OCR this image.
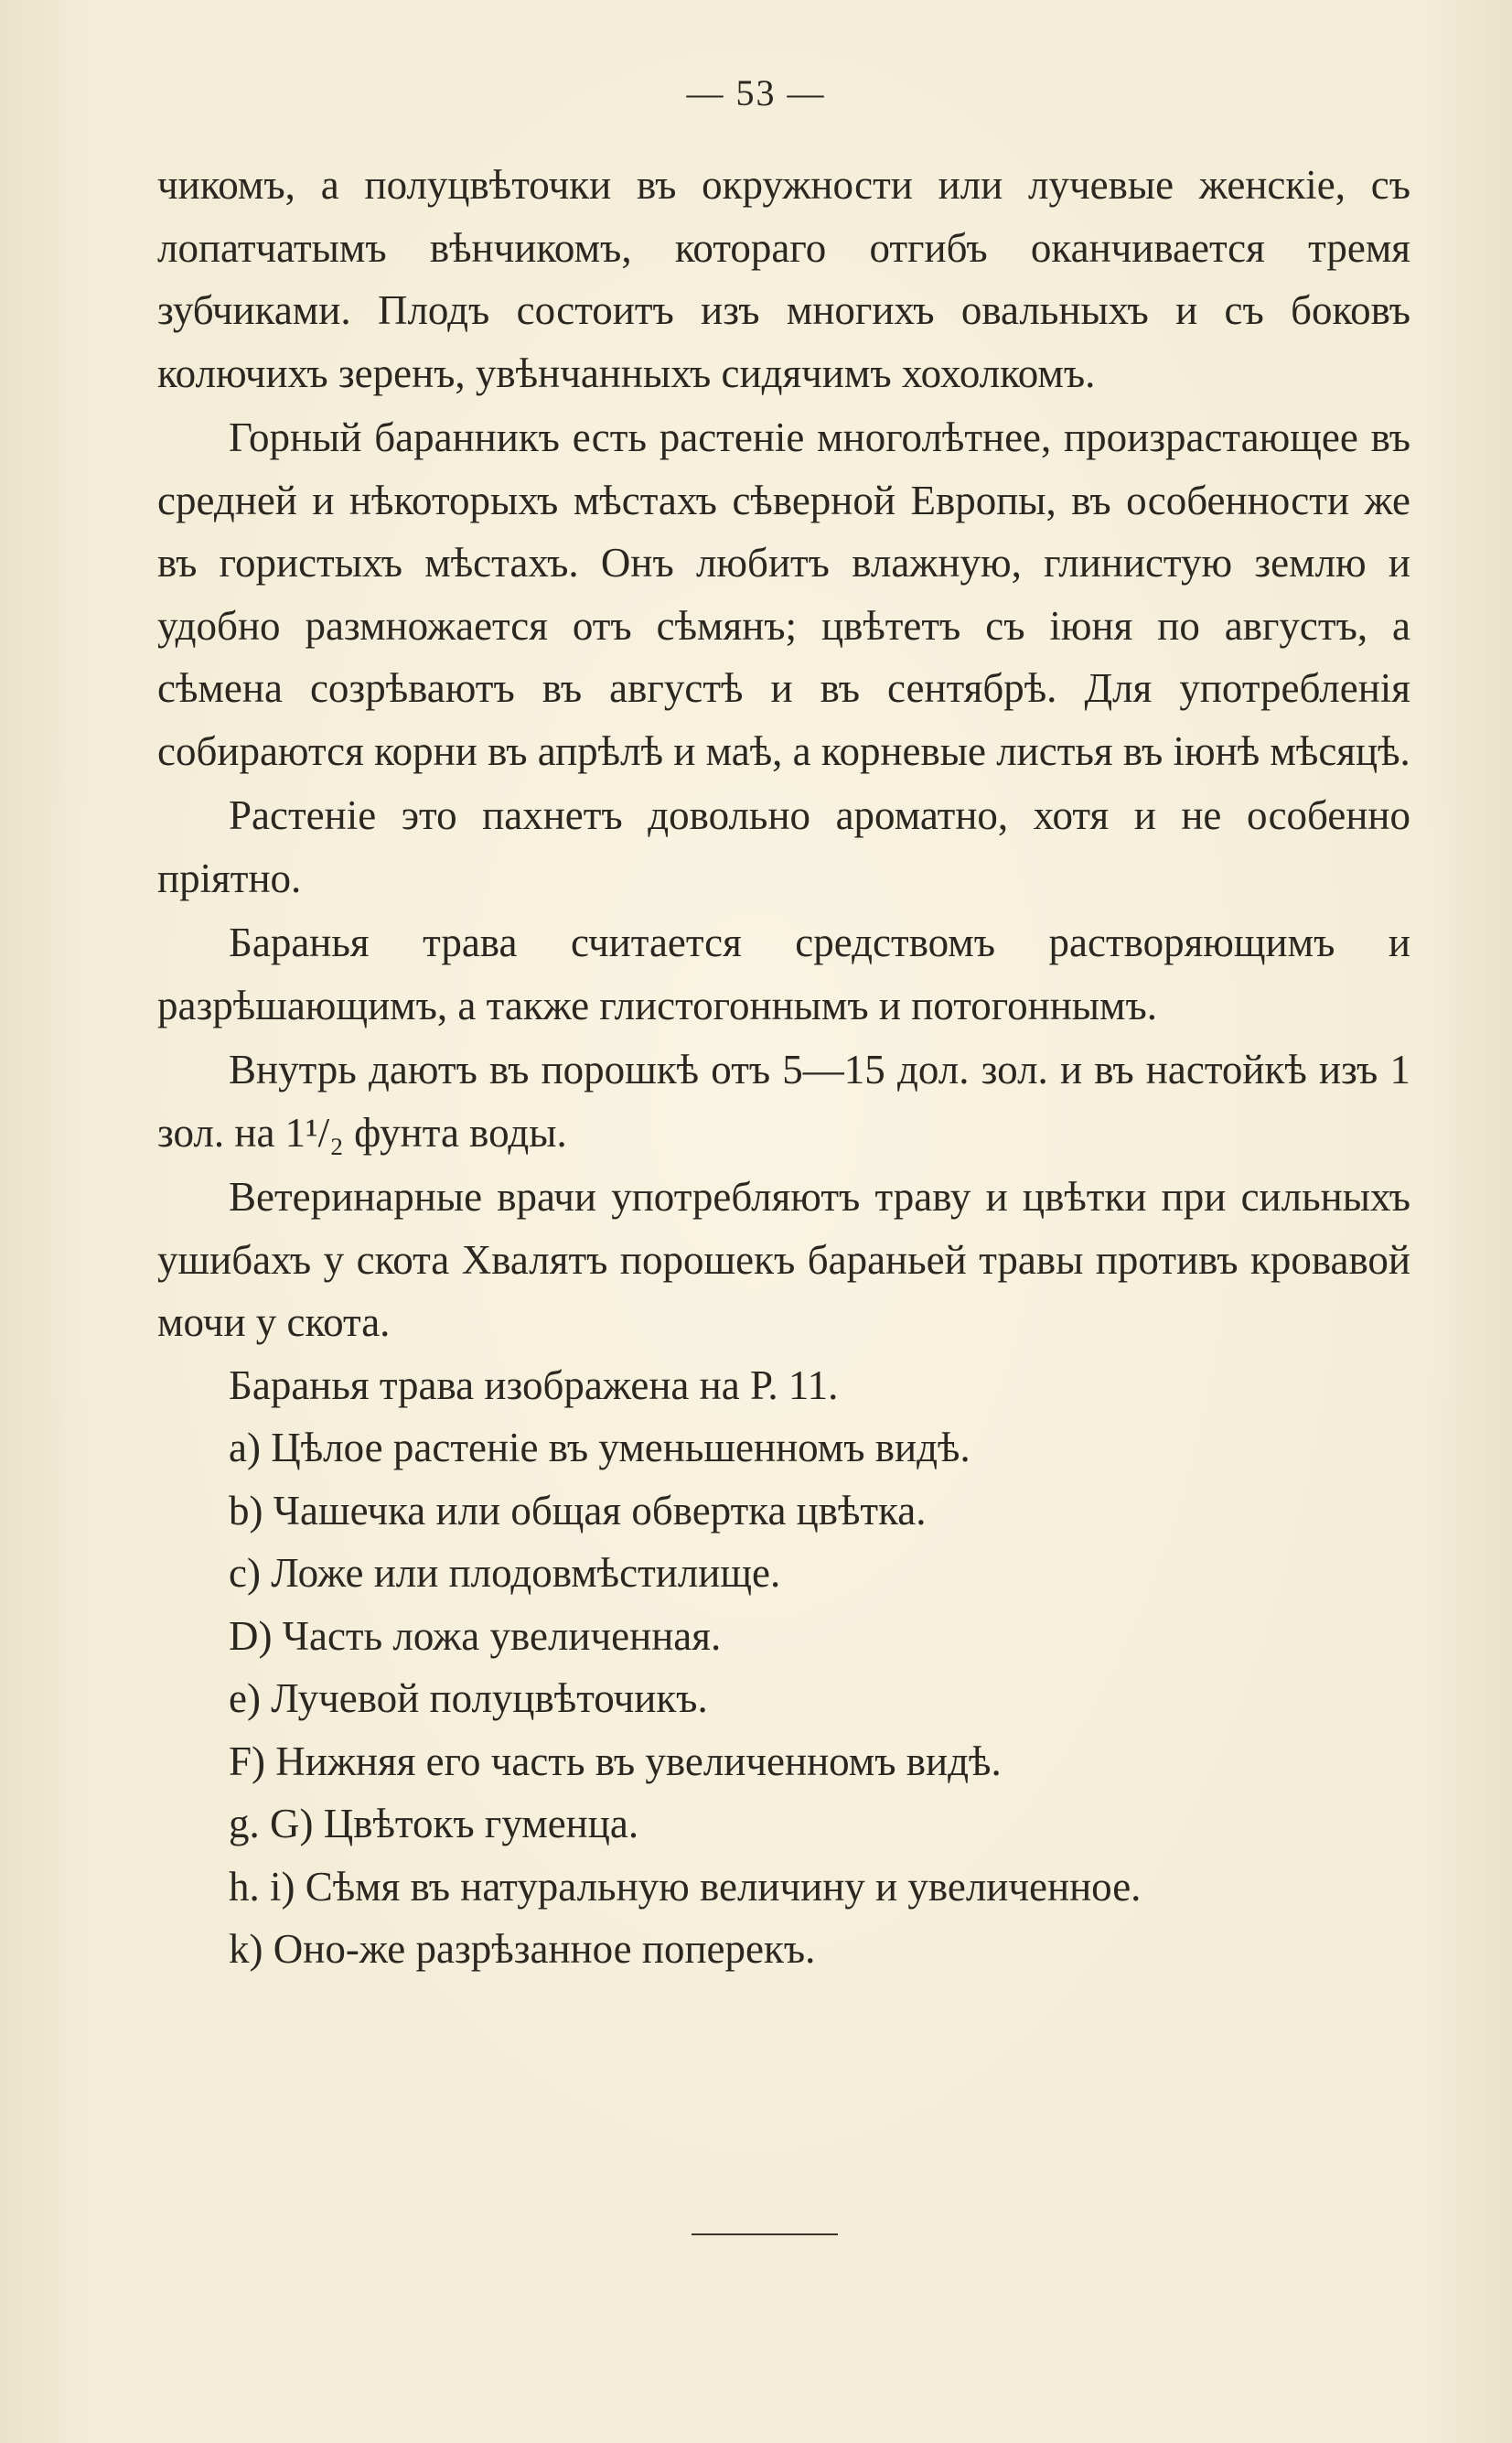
— 53 —

чикомъ, а полуцвѣточки въ окружности или лучевые женскіе, съ лопатчатымъ вѣнчикомъ, котораго отгибъ оканчивается тремя зубчиками. Плодъ состоитъ изъ многихъ овальныхъ и съ боковъ колючихъ зеренъ, увѣнчанныхъ сидячимъ хохолкомъ.

Горный баранникъ есть растеніе многолѣтнее, произрастающее въ средней и нѣкоторыхъ мѣстахъ сѣверной Европы, въ особенности же въ гористыхъ мѣстахъ. Онъ любитъ влажную, глинистую землю и удобно размножается отъ сѣмянъ; цвѣтетъ съ іюня по августъ, а сѣмена созрѣваютъ въ августѣ и въ сентябрѣ. Для употребленія собираются корни въ апрѣлѣ и маѣ, а корневые листья въ іюнѣ мѣсяцѣ.

Растеніе это пахнетъ довольно ароматно, хотя и не особенно пріятно.

Баранья трава считается средствомъ растворяющимъ и разрѣшающимъ, а также глистогоннымъ и потогоннымъ.

Внутрь даютъ въ порошкѣ отъ 5—15 дол. зол. и въ настойкѣ изъ 1 зол. на 1¹/₂ фунта воды.

Ветеринарные врачи употребляютъ траву и цвѣтки при сильныхъ ушибахъ у скота Хвалятъ порошекъ бараньей травы противъ кровавой мочи у скота.

Баранья трава изображена на Р. 11.

a) Цѣлое растеніе въ уменьшенномъ видѣ.

b) Чашечка или общая обвертка цвѣтка.

c) Ложе или плодовмѣстилище.

D) Часть ложа увеличенная.

e) Лучевой полуцвѣточикъ.

F) Нижняя его часть въ увеличенномъ видѣ.

g. G) Цвѣтокъ гуменца.

h. i) Сѣмя въ натуральную величину и увеличенное.

k) Оно-же разрѣзанное поперекъ.
